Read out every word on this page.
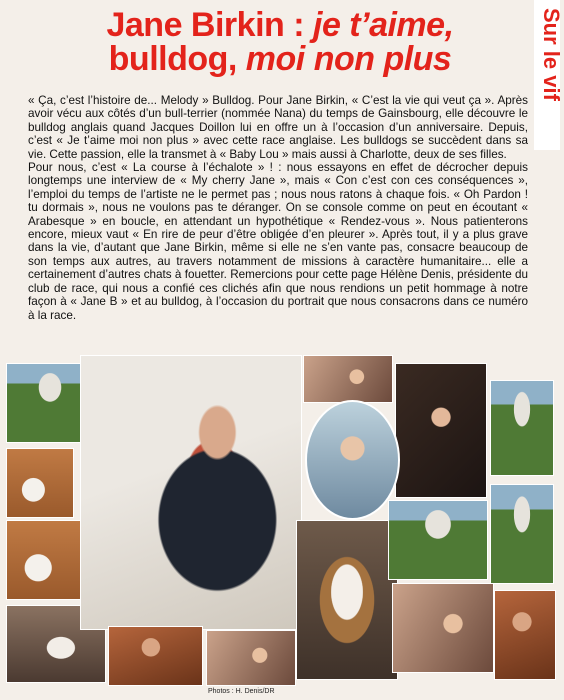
Jane Birkin : je t’aime,
bulldog, moi non plus	Sur le vif

« Ça, c’est l’histoire de... Melody » Bulldog. Pour Jane Birkin, « C’est la vie qui veut ça ». Après avoir vécu aux côtés d’un bull-terrier (nommée Nana) du temps de Gainsbourg, elle découvre le bulldog anglais quand Jacques Doillon lui en offre un à l’occasion d’un anniversaire. Depuis, c’est « Je t’aime moi non plus » avec cette race anglaise. Les bulldogs se succèdent dans sa vie. Cette passion, elle la transmet à « Baby Lou » mais aussi à Charlotte, deux de ses filles.

Pour nous, c’est « La course à l’échalote » ! : nous essayons en effet de décrocher depuis longtemps une interview de « My cherry Jane », mais « Con c’est con ces conséquences », l’emploi du temps de l’artiste ne le permet pas ; nous nous ratons à chaque fois. « Oh Pardon ! tu dormais », nous ne voulons pas te déranger. On se console comme on peut en écoutant « Arabesque » en boucle, en attendant un hypothétique « Rendez-vous ». Nous patienterons encore, mieux vaut « En rire de peur d’être obligée d’en pleurer ». Après tout, il y a plus grave dans la vie, d’autant que Jane Birkin, même si elle ne s’en vante pas, consacre beaucoup de son temps aux autres, au travers notamment de missions à caractère humanitaire... elle a certainement d’autres chats à fouetter. Remercions pour cette page Hélène Denis, présidente du club de race, qui nous a confié ces clichés afin que nous rendions un petit hommage à notre façon à « Jane B » et au bulldog, à l’occasion du portrait que nous consacrons dans ce numéro à la race.

Photos : H. Denis/DR
